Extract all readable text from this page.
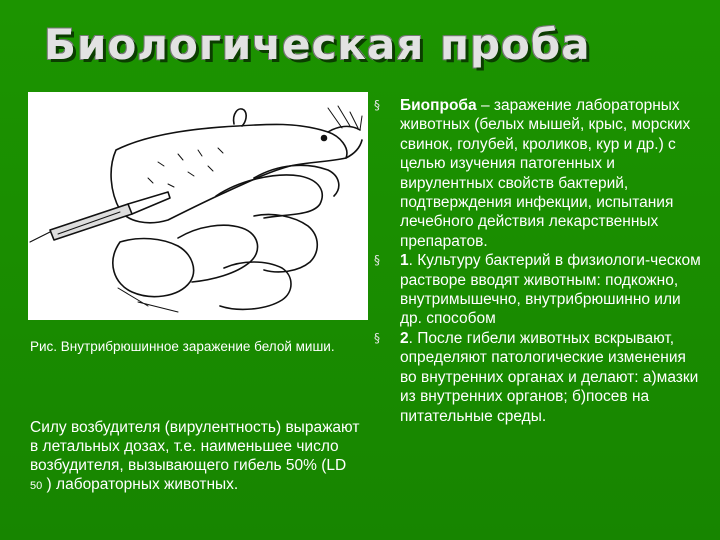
Биологическая проба
Рис. Внутрибрюшинное заражение белой миши.
Силу возбудителя (вирулентность) выражают в летальных дозах, т.е. наименьшее число возбудителя, вызывающего гибель 50% (LD 50 ) лабораторных животных.
§ Биопроба – заражение лабораторных животных (белых мышей, крыс, морских свинок, голубей, кроликов, кур и др.) с целью изучения патогенных и вирулентных свойств бактерий, подтверждения инфекции, испытания лечебного действия лекарственных препаратов.
§ 1. Культуру бактерий в физиологи-ческом растворе вводят животным: подкожно, внутримышечно, внутрибрюшинно или др. способом
§ 2. После гибели животных вскрывают, определяют патологические изменения во внутренних органах и делают: а)мазки из внутренних органов; б)посев на питательные среды.
